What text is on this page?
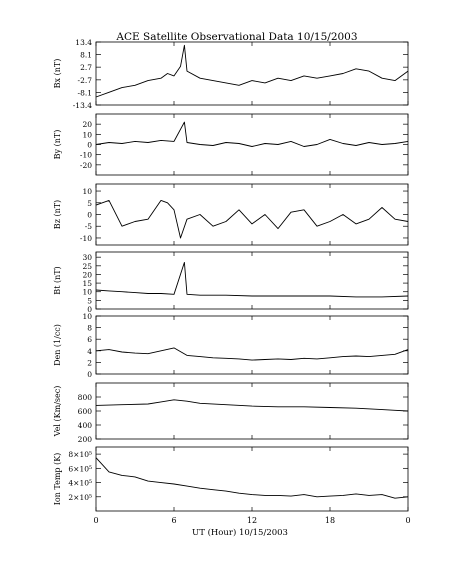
ACE Satellite Observational Data 10/15/2003
-13.4
-8.1
-2.7
2.7
8.1
13.4
Bx (nT)
-20
-10
0
10
20
By (nT)
-10
-5
0
5
10
Bz (nT)
0
5
10
15
20
25
30
Bt (nT)
0
2
4
6
8
10
Den (1/cc)
200
400
600
800
Vel (Km/sec)
2×10⁵
4×10⁵
6×10⁵
8×10⁵
Ion Temp (K)
0	6	12	18	0
UT (Hour) 10/15/2003
